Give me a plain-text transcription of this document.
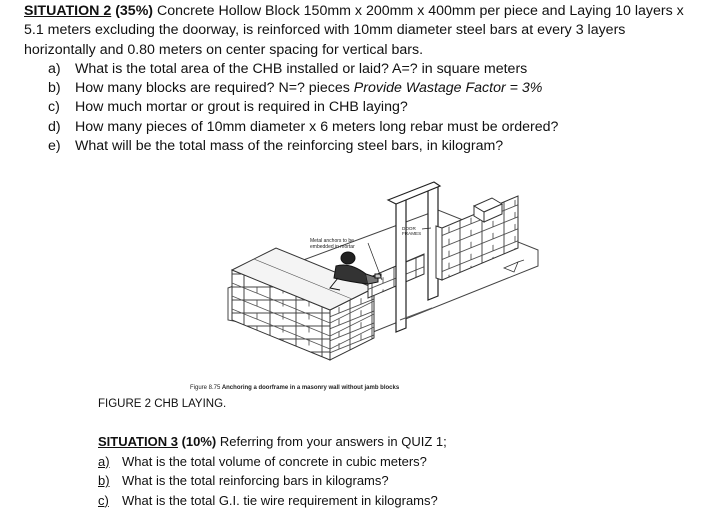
SITUATION 2 (35%) Concrete Hollow Block 150mm x 200mm x 400mm per piece and Laying 10 layers x
5.1 meters excluding the doorway, is reinforced with 10mm diameter steel bars at every 3 layers
horizontally and 0.80 meters on center spacing for vertical bars.
a)	What is the total area of the CHB installed or laid? A=? in square meters
b)	How many blocks are required? N=? pieces Provide Wastage Factor = 3%
c)	How much mortar or grout is required in CHB laying?
d)	How many pieces of 10mm diameter x 6 meters long rebar must be ordered?
e)	What will be the total mass of the reinforcing steel bars, in kilogram?
Metal anchors to be
embedded in mortar
DOOR
FRAMES
Figure 8.75 Anchoring a doorframe in a masonry wall without jamb blocks
FIGURE 2 CHB LAYING.
SITUATION 3 (10%) Referring from your answers in QUIZ 1;
a) What is the total volume of concrete in cubic meters?
b) What is the total reinforcing bars in kilograms?
c)	What is the total G.I. tie wire requirement in kilograms?
